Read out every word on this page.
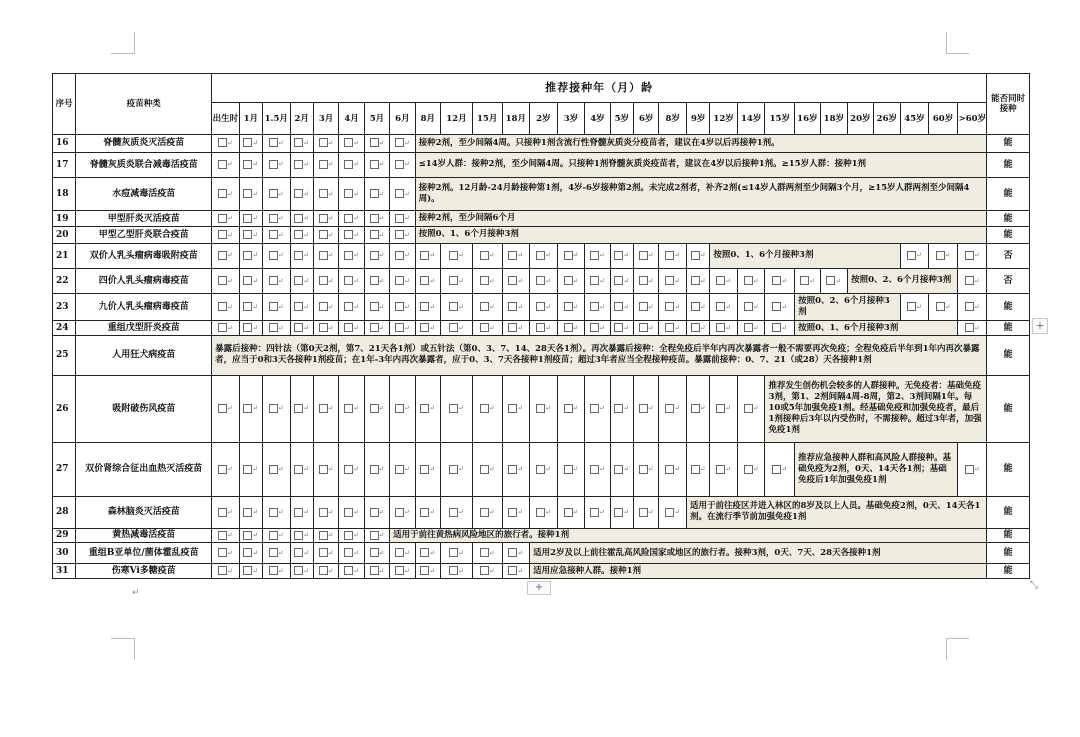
序号	疫苗种类	推荐接种年（月）龄																													能否同时接种
		出生时	1月	1.5月	2月	3月	4月	5月	6月	8月	12月	15月	18月	2岁	3岁	4岁	5岁	6岁	8岁	9岁	12岁	14岁	15岁	16岁	18岁	20岁	26岁	45岁	60岁	>60岁	
16	脊髓灰质炎灭活疫苗	↵	↵	↵	↵	↵	↵	↵	↵	接种2剂，至少间隔4周。只接种1剂含流行性脊髓灰质炎分疫苗者，建议在4岁以后再接种1剂。																					能
17	脊髓灰质炎联合减毒活疫苗	↵	↵	↵	↵	↵	↵	↵	↵	≤14岁人群：接种2剂，至少间隔4周。只接种1剂脊髓灰质炎疫苗者，建议在4岁以后接种1剂。≥15岁人群：接种1剂																					能
18	水痘减毒活疫苗	↵	↵	↵	↵	↵	↵	↵	↵	接种2剂。12月龄-24月龄接种第1剂，4岁-6岁接种第2剂。未完成2剂者，补齐2剂(≤14岁人群两剂至少间隔3个月，≥15岁人群两剂至少间隔4周)。																					能
19	甲型肝炎灭活疫苗	↵	↵	↵	↵	↵	↵	↵	↵	接种2剂，至少间隔6个月																					能
20	甲型乙型肝炎联合疫苗	↵	↵	↵	↵	↵	↵	↵	↵	按照0、1、6个月接种3剂																					能
21	双价人乳头瘤病毒吸附疫苗	↵	↵	↵	↵	↵	↵	↵	↵	↵	↵	↵	↵	↵	↵	↵	↵	↵	↵	↵	按照0、1、6个月接种3剂							↵	↵	↵	否
22	四价人乳头瘤病毒疫苗	↵	↵	↵	↵	↵	↵	↵	↵	↵	↵	↵	↵	↵	↵	↵	↵	↵	↵	↵	↵	↵	↵	↵	↵	按照0、2、6个月接种3剂				↵	否
23	九价人乳头瘤病毒疫苗	↵	↵	↵	↵	↵	↵	↵	↵	↵	↵	↵	↵	↵	↵	↵	↵	↵	↵	↵	↵	↵	↵	按照0、2、6个月接种3剂				↵	↵	↵	能
24	重组戊型肝炎疫苗	↵	↵	↵	↵	↵	↵	↵	↵	↵	↵	↵	↵	↵	↵	↵	↵	↵	↵	↵	↵	↵	↵	按照0、1、6个月接种3剂						↵	能
25	人用狂犬病疫苗	暴露后接种：四针法（第0天2剂，第7、21天各1剂）或五针法（第0、3、7、14、28天各1剂）。再次暴露后接种：全程免疫后半年内再次暴露者一般不需要再次免疫；全程免疫后半年到1年内再次暴露者，应当于0和3天各接种1剂疫苗；在1年-3年内再次暴露者，应于0、3、7天各接种1剂疫苗；超过3年者应当全程接种疫苗。暴露前接种：0、7、21（或28）天各接种1剂																													能
26	吸附破伤风疫苗	↵	↵	↵	↵	↵	↵	↵	↵	↵	↵	↵	↵	↵	↵	↵	↵	↵	↵	↵	↵	↵	推荐发生创伤机会较多的人群接种。无免疫者：基础免疫3剂，第1、2剂间隔4周-8周，第2、3剂间隔1年。每10或5年加强免疫1剂。经基础免疫和加强免疫者，最后1剂接种后3年以内受伤时，不需接种。超过3年者，加强免疫1剂								能
27	双价肾综合征出血热灭活疫苗	↵	↵	↵	↵	↵	↵	↵	↵	↵	↵	↵	↵	↵	↵	↵	↵	↵	↵	↵	↵	↵	↵	推荐应急接种人群和高风险人群接种。基础免疫为2剂，0天、14天各1剂；基础免疫后1年加强免疫1剂						↵	能
28	森林脑炎灭活疫苗	↵	↵	↵	↵	↵	↵	↵	↵	↵	↵	↵	↵	↵	↵	↵	↵	↵	↵	适用于前往疫区并进入林区的8岁及以上人员。基础免疫2剂，0天、14天各1剂。在流行季节前加强免疫1剂											能
29	黄热减毒活疫苗	↵	↵	↵	↵	↵	↵	↵	适用于前往黄热病风险地区的旅行者。接种1剂																						能
30	重组B亚单位/菌体霍乱疫苗	↵	↵	↵	↵	↵	↵	↵	↵	↵	↵	↵	↵	适用2岁及以上前往霍乱高风险国家或地区的旅行者。接种3剂，0天、7天、28天各接种1剂																	能
31	伤寒Vi多糖疫苗	↵	↵	↵	↵	↵	↵	↵	↵	↵	↵	↵	↵	适用应急接种人群。接种1剂																	能
+
+
⤡
↵
